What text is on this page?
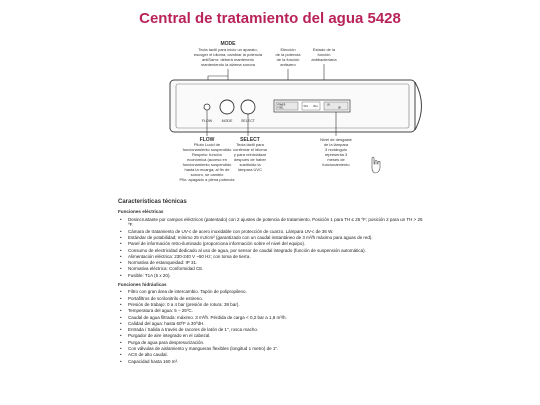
Central de tratamiento del agua 5428
MODE
Tecla tactil para inicio un aparato,
escoger el idioma, cambiar la potencia
antiSarro: deberá mantenerlo
manteniendo la alarma sonora
Elección
de la potencia
de la función
antisarro
Estado de la
función
antibacteriana
FLOW	MODE SELECT
POWER
FUEL
50s UVa
UV
OK
FLOW
Piloto Lucid de
funcionamiento suspendido
Respeto: función
económica (acceso en
funcionamiento suspendido
hasta la recarga; al fin de
sonoro, se cambio
Pilo: apagado a plena potencia
SELECT
Tecla táctil para
confirmar el idioma
y para reinicializar
después de haber
sustituido la
lámpara UVC
Nivel de desgaste
de la lámpara
3 rectángulo
representa 3
meses de
funcionamiento
Características técnicas
Funciones eléctricas
• Desincrustante por campos eléctricos (patentado) con 2 ajustes de potencia de tratamiento. Posición 1 para TH ≤ 25 ºF; posición 2 para un TH > 25 ºF.
• Cámara de tratamiento de UV-c de acero inoxidable con protección de cuarzo. Lámpara UV-c de 36 W.
• Estándar de potabilidad; mínimo 25 mJ/cm² (garantizado con un caudal instantáneo de 3 m³/h máximo para aguas de red).
• Panel de información retro-iluminado (proporciona información sobre el nivel del equipo).
• Consumo de electricidad dedicado al uso de agua, por sensor de caudal integrado (función de suspensión automática).
• Alimentación eléctrica: 230-240 V ~50 Hz; con toma de tierra.
• Normativa de estanqueidad: IP 31.
• Normativa eléctrica: Conformidad CE.
• Fusible: T1A (5 x 20).
Funciones hidráulicas
• Filtro con gran área de intercambio. Tapón de polipropileno.
• Portafiltros de scrilonitrilo de estireno.
• Presión de trabajo: 0 a 4 bar (presión de rotura: 38 bar).
• Temperatura del agua: 5 – 25ºC.
• Caudal de agua filtrada: máximo. 3 m³/h. Pérdida de carga < 0,2 bar a 1,8 m³/h.
• Calidad del agua: hasta 60ºF a 30ºdH.
• Entrada / Salida a través de racores de latón de 1", rosca macho.
• Purgador de aire integrado en el cabezal.
• Purga de agua para despresurización.
• Con válvulas de aislamiento y mangueras flexibles (longitud 1 metro) de 1".
• ACS de alto caudal.
• Capacidad hasta 160 m³.
